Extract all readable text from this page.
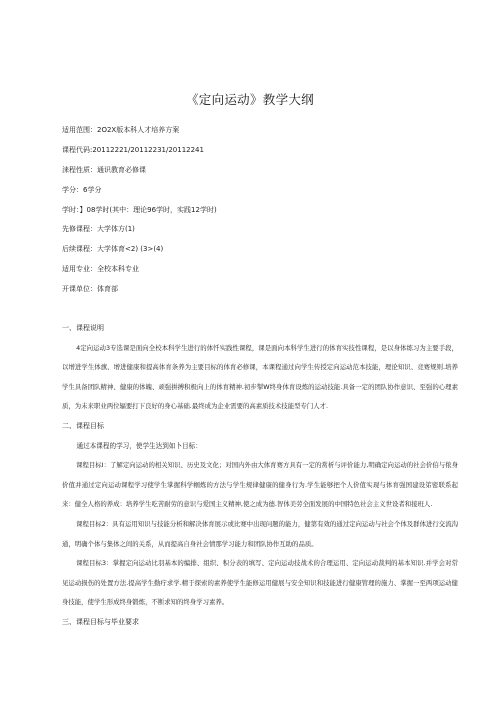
《定向运动》教学大纲
适用范围：2O2X版本科人才培养方案
课程代码:20112221/20112231/20112241
涞程性质：通识教育必修课
学分：6学分
学时：】08学时(其中：理论96学时，实践12学时)
先修课程：大学体方(1)
后续课程：大学体育<2) (3>(4)
适用专业：全校本科专业
开课单位：体育部
一、课程说明

4定向运动3专选课是面向全校本科学生进行的体忏实践性课程，课是面向本科学生进行的体育实技性课程，是以身体练习为主要手段，以增进学生体旗、增进健康和提高体育条养为主要目标的体育必修课，本课程通过向学生传授定向运动范本技能，理论知识、竞赛规则.培养学生具备团队精神、健康的体魄、顽强拼搏积极向上的体育精神.初步掣W终身体育设炼的运动技能.具备一定的团队协作意识、至强的心理素质，为未来职业两位辐要打下良好的身心基础.最终成为企业需要的高素质技术技能型专门人才.

二、课程目标
通过本课程的学习，使学生达到如卜目标：

课程目标I：了解定向运动的相关知识、历史及文化；对国内外由大体育赛方具有一定的赏析与评价能力,明确定向运动的社会价伯与侬身价值并通过定向运动课程学习使学生掌握科学帼炼的方法与学生规律健康的健身行为.学生能够把个人价值实现与体育强国建设笫密联系起来：健全人格的养成：培养学生吃苦耐劳的意识与爱国主义精神,使之成为德.智体美劳全面发展的中国特色社会主义世设者和接班人.

课程目标2：具有运用知识与技能分析和解决体育展示或比赛中出现问题的能力，健第有效的通过定向运动与社会个体及群体进行交流沟通，明确个体与集体之间的关系，从而提高自身社会情那学习能力和团队协作互助的品质。

课程目标3：掌握定向运动比羽基本的编排、组织、积分表的填写、定向运动技战术的合理运用、定向运动裁判的基本知识.并学会对常见运动损伤的处置方法.提高学生勤疔求学.精于探索的素养使学生能修运用健展与安全知识和技能进行健康管理的施力、掌握一至两项运动健身技能，使学生形成终身锻炼，不断求知的终身学习素养。

三、课程目标与毕业要求
